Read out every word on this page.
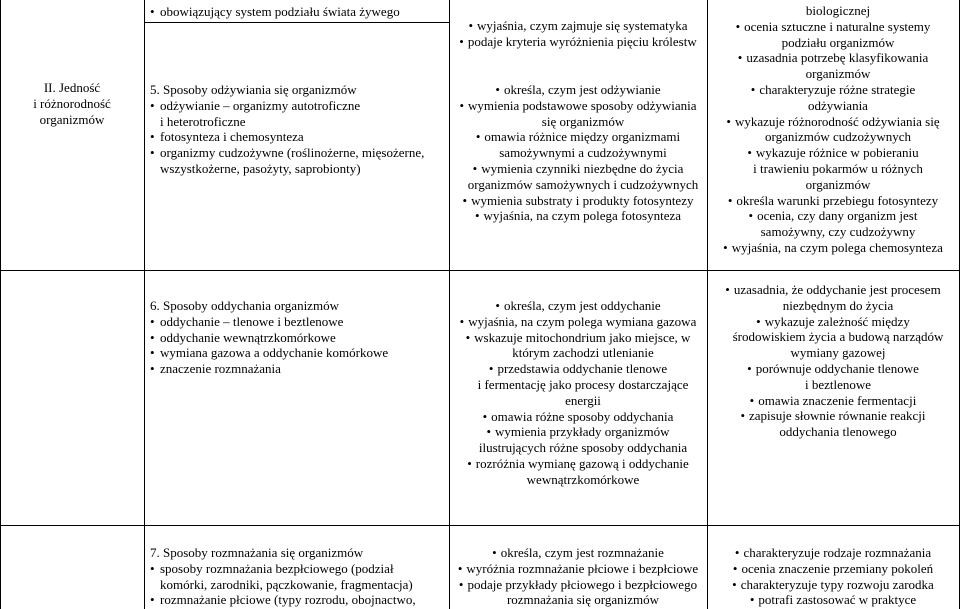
II. Jedność
i różnorodność
organizmów
• obowiązujący system podziału świata żywego
5. Sposoby odżywiania się organizmów
• odżywianie – organizmy autotroficzne
i heterotroficzne
• fotosynteza i chemosynteza
• organizmy cudzożywne (roślinożerne, mięsożerne,
wszystkożerne, pasożyty, saprobionty)
• wyjaśnia, czym zajmuje się systematyka
• podaje kryteria wyróżnienia pięciu królestw
• określa, czym jest odżywianie
• wymienia podstawowe sposoby odżywiania
się organizmów
• omawia różnice między organizmami
samożywnymi a cudzożywnymi
• wymienia czynniki niezbędne do życia
organizmów samożywnych i cudzożywnych
• wymienia substraty i produkty fotosyntezy
• wyjaśnia, na czym polega fotosynteza
biologicznej
• ocenia sztuczne i naturalne systemy
podziału organizmów
• uzasadnia potrzebę klasyfikowania
organizmów
• charakteryzuje różne strategie
odżywiania
• wykazuje różnorodność odżywiania się
organizmów cudzożywnych
• wykazuje różnice w pobieraniu
i trawieniu pokarmów u różnych
organizmów
• określa warunki przebiegu fotosyntezy
• ocenia, czy dany organizm jest
samożywny, czy cudzożywny
• wyjaśnia, na czym polega chemosynteza
6. Sposoby oddychania organizmów
• oddychanie – tlenowe i beztlenowe
• oddychanie wewnątrzkomórkowe
• wymiana gazowa a oddychanie komórkowe
• znaczenie rozmnażania
• określa, czym jest oddychanie
• wyjaśnia, na czym polega wymiana gazowa
• wskazuje mitochondrium jako miejsce, w
którym zachodzi utlenianie
• przedstawia oddychanie tlenowe
i fermentację jako procesy dostarczające
energii
• omawia różne sposoby oddychania
• wymienia przykłady organizmów
ilustrujących różne sposoby oddychania
• rozróżnia wymianę gazową i oddychanie
wewnątrzkomórkowe
• uzasadnia, że oddychanie jest procesem
niezbędnym do życia
• wykazuje zależność między
środowiskiem życia a budową narządów
wymiany gazowej
• porównuje oddychanie tlenowe
i beztlenowe
• omawia znaczenie fermentacji
• zapisuje słownie równanie reakcji
oddychania tlenowego
7. Sposoby rozmnażania się organizmów
• sposoby rozmnażania bezpłciowego (podział
komórki, zarodniki, pączkowanie, fragmentacja)
• rozmnażanie płciowe (typy rozrodu, obojnactwo,
• określa, czym jest rozmnażanie
• wyróżnia rozmnażanie płciowe i bezpłciowe
• podaje przykłady płciowego i bezpłciowego
rozmnażania się organizmów
• charakteryzuje rodzaje rozmnażania
• ocenia znaczenie przemiany pokoleń
• charakteryzuje typy rozwoju zarodka
• potrafi zastosować w praktyce
